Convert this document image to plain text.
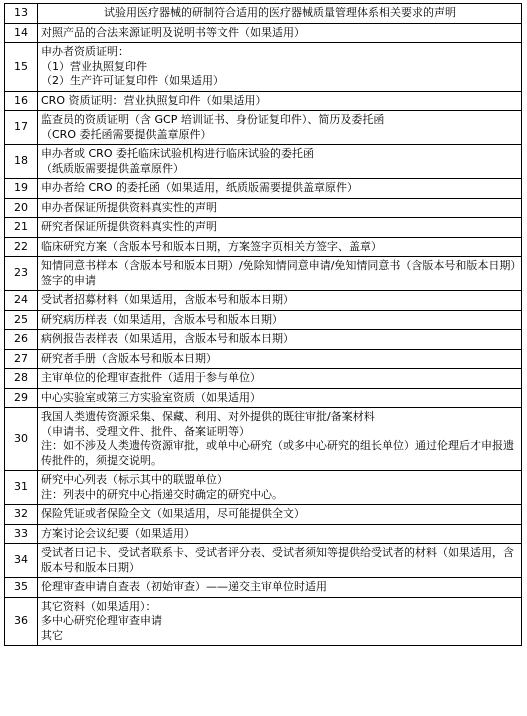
13	试验用医疗器械的研制符合适用的医疗器械质量管理体系相关要求的声明

14	对照产品的合法来源证明及说明书等文件（如果适用）

15	申办者资质证明：
（1）营业执照复印件
（2）生产许可证复印件（如果适用）

16	CRO 资质证明：营业执照复印件（如果适用）

17	监查员的资质证明（含 GCP 培训证书、身份证复印件）、简历及委托函
（CRO 委托函需要提供盖章原件）

18	申办者或 CRO 委托临床试验机构进行临床试验的委托函
（纸质版需要提供盖章原件）

19	申办者给 CRO 的委托函（如果适用，纸质版需要提供盖章原件）

20	申办者保证所提供资料真实性的声明

21	研究者保证所提供资料真实性的声明

22	临床研究方案（含版本号和版本日期，方案签字页相关方签字、盖章）

23	知情同意书样本（含版本号和版本日期）/免除知情同意申请/免知情同意书（含版本号和版本日期）签字的申请

24	受试者招募材料（如果适用，含版本号和版本日期）

25	研究病历样表（如果适用，含版本号和版本日期）

26	病例报告表样表（如果适用，含版本号和版本日期）

27	研究者手册（含版本号和版本日期）

28	主审单位的伦理审查批件（适用于参与单位）

29	中心实验室或第三方实验室资质（如果适用）

30	我国人类遗传资源采集、保藏、利用、对外提供的既往审批/备案材料
（申请书、受理文件、批件、备案证明等）
注：如不涉及人类遗传资源审批，或单中心研究（或多中心研究的组长单位）通过伦理后才申报遗传批件的，须提交说明。

31	研究中心列表（标示其中的联盟单位）
注：列表中的研究中心指递交时确定的研究中心。

32	保险凭证或者保险全文（如果适用，尽可能提供全文）

33	方案讨论会议纪要（如果适用）

34	受试者日记卡、受试者联系卡、受试者评分表、受试者须知等提供给受试者的材料（如果适用，含版本号和版本日期）

35	伦理审查申请自查表（初始审查）——递交主审单位时适用

36	其它资料（如果适用）：
多中心研究伦理审查申请
其它
